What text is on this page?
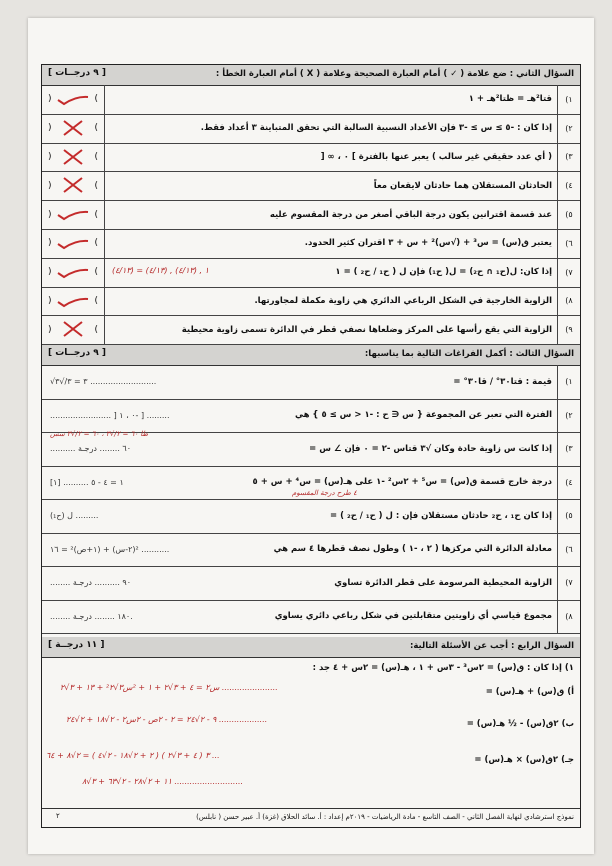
السؤال الثاني : ضع علامة ( ✓ ) أمام العبارة الصحيحة وعلامة ( X ) أمام العبارة الخطأ :
[ ٩ درجــات ]
١)
قتا²هـ = ظتا²هـ + ١
)
(
٢)
إذا كان : -٥ ≥ س ≥ -٣ فإن الأعداد النسبية السالبة التي تحقق المتباينة ٣ أعداد فقط.
)
(
٣)
( أي عدد حقيقي غير سالب ) يعبر عنها بالفترة ] ٠ ، ∞ [
)
(
٤)
الحادثان المستقلان هما حادثان لايقعان معاً
)
(
٥)
عند قسمة اقترانين يكون درجة الباقي أصغر من درجة المقسوم عليه
)
(
٦)
يعتبر ق(س) = س³ + (√س)² + س + ٣ اقتران كثير الحدود.
)
(
٧)
إذا كان: ل(ح₁ ∩ ح₂) = ل( ح₁) فإن ل ( ح₁ / ح₂ ) = ١
)
(
٨)
الزاوية الخارجية في الشكل الرباعي الدائري هي زاوية مكملة لمجاورتها.
)
(
٩)
الزاوية التي يقع رأسها على المركز وضلعاها نصفي قطر في الدائرة تسمى زاوية محيطية
)
(
السؤال الثالث : أكمل الفراغات التالية بما يناسبها:
[ ٩ درجــات ]
١)
قيمة : قتا٣٠° / قا٣٠° =
√٣ = ٣/√٣ ..........................
٢)
الفترة التي تعبر عن المجموعة { س ∈ ح : -١ < س ≥ ٥ } هي
........................ ] ٠ ، ١- ] .........
٣)
إذا كانت س زاوية حادة وكان √٣ قتاس -٢ = ٠ فإن ∠ س =
.......... ٦٠ ........ درجـة
٤)
درجة خارج قسمة ق(س) = س⁵ + ٢س² -١ على هـ(س) = س⁴ + س + ٥
١ = ٤ - ٥ .......... [١]
٥)
إذا كان ح₁ ، ح₂ حادثان مستقلان فإن : ل ( ح₁ / ح₂ ) =
ل (ح₁) .........
٦)
معادلة الدائرة التي مركزها ( ٢ ، -١ ) وطول نصف قطرها ٤ سم هي
١٦ = ²(١+ص) + ²(٢-س) ...........
٧)
الزاوية المحيطية المرسومة على قطر الدائرة تساوي
........ ٩٠ .......... درجـة
٨)
مجموع قياسي أي زاويتين متقابلتين في شكل رباعي دائري يساوي
........ ١٨٠ ........ درجـة.
السؤال الرابع : أجب عن الأسئلة التالية:
[ ١١ درجــة ]
١) إذا كان : ق(س) = ٢س³ - ٣س + ١ ، هـ(س) = ٢س + ٤ جد :
أ) ق(س) + هـ(س) =
١٣ + ٣√٢ + ²س٢ = ٤ + ٣√٢ + ١ + ²س٣√٢ ......................
ب) ٢ق(س) - ½ هـ(س) =
٩ - ٢√٢٤ = ٢ - ٢ص - ٢س٢ - ٢√١٨ + ٢√٢٤ ...................
جـ) ٢ق(س) × هـ(س) =
٣ ( ٤ + ٣√٢ ) ( ٢ + ٢√١٨ - ٢√٤ ) = ٢√٨ + ٦٤ ...
١١ + ٢√٢٨ - ٢√٦٣ + ٣√٨ ...........................
نموذج استرشادي لنهاية الفصل الثاني - الصف التاسع - مادة الرياضيات - ٢٠١٩م إعداد : أ. سائد الحلاق (غزة) أ. عبير حسن ( نابلس)
٢
١ , (٤/١٣) , (٤/١٣) = (٤/١٣)
ظا ٦٠ = ٢/√٣ ، ٦٠ = ٢/√٣ سس
٤ طرح درجة المقسوم
